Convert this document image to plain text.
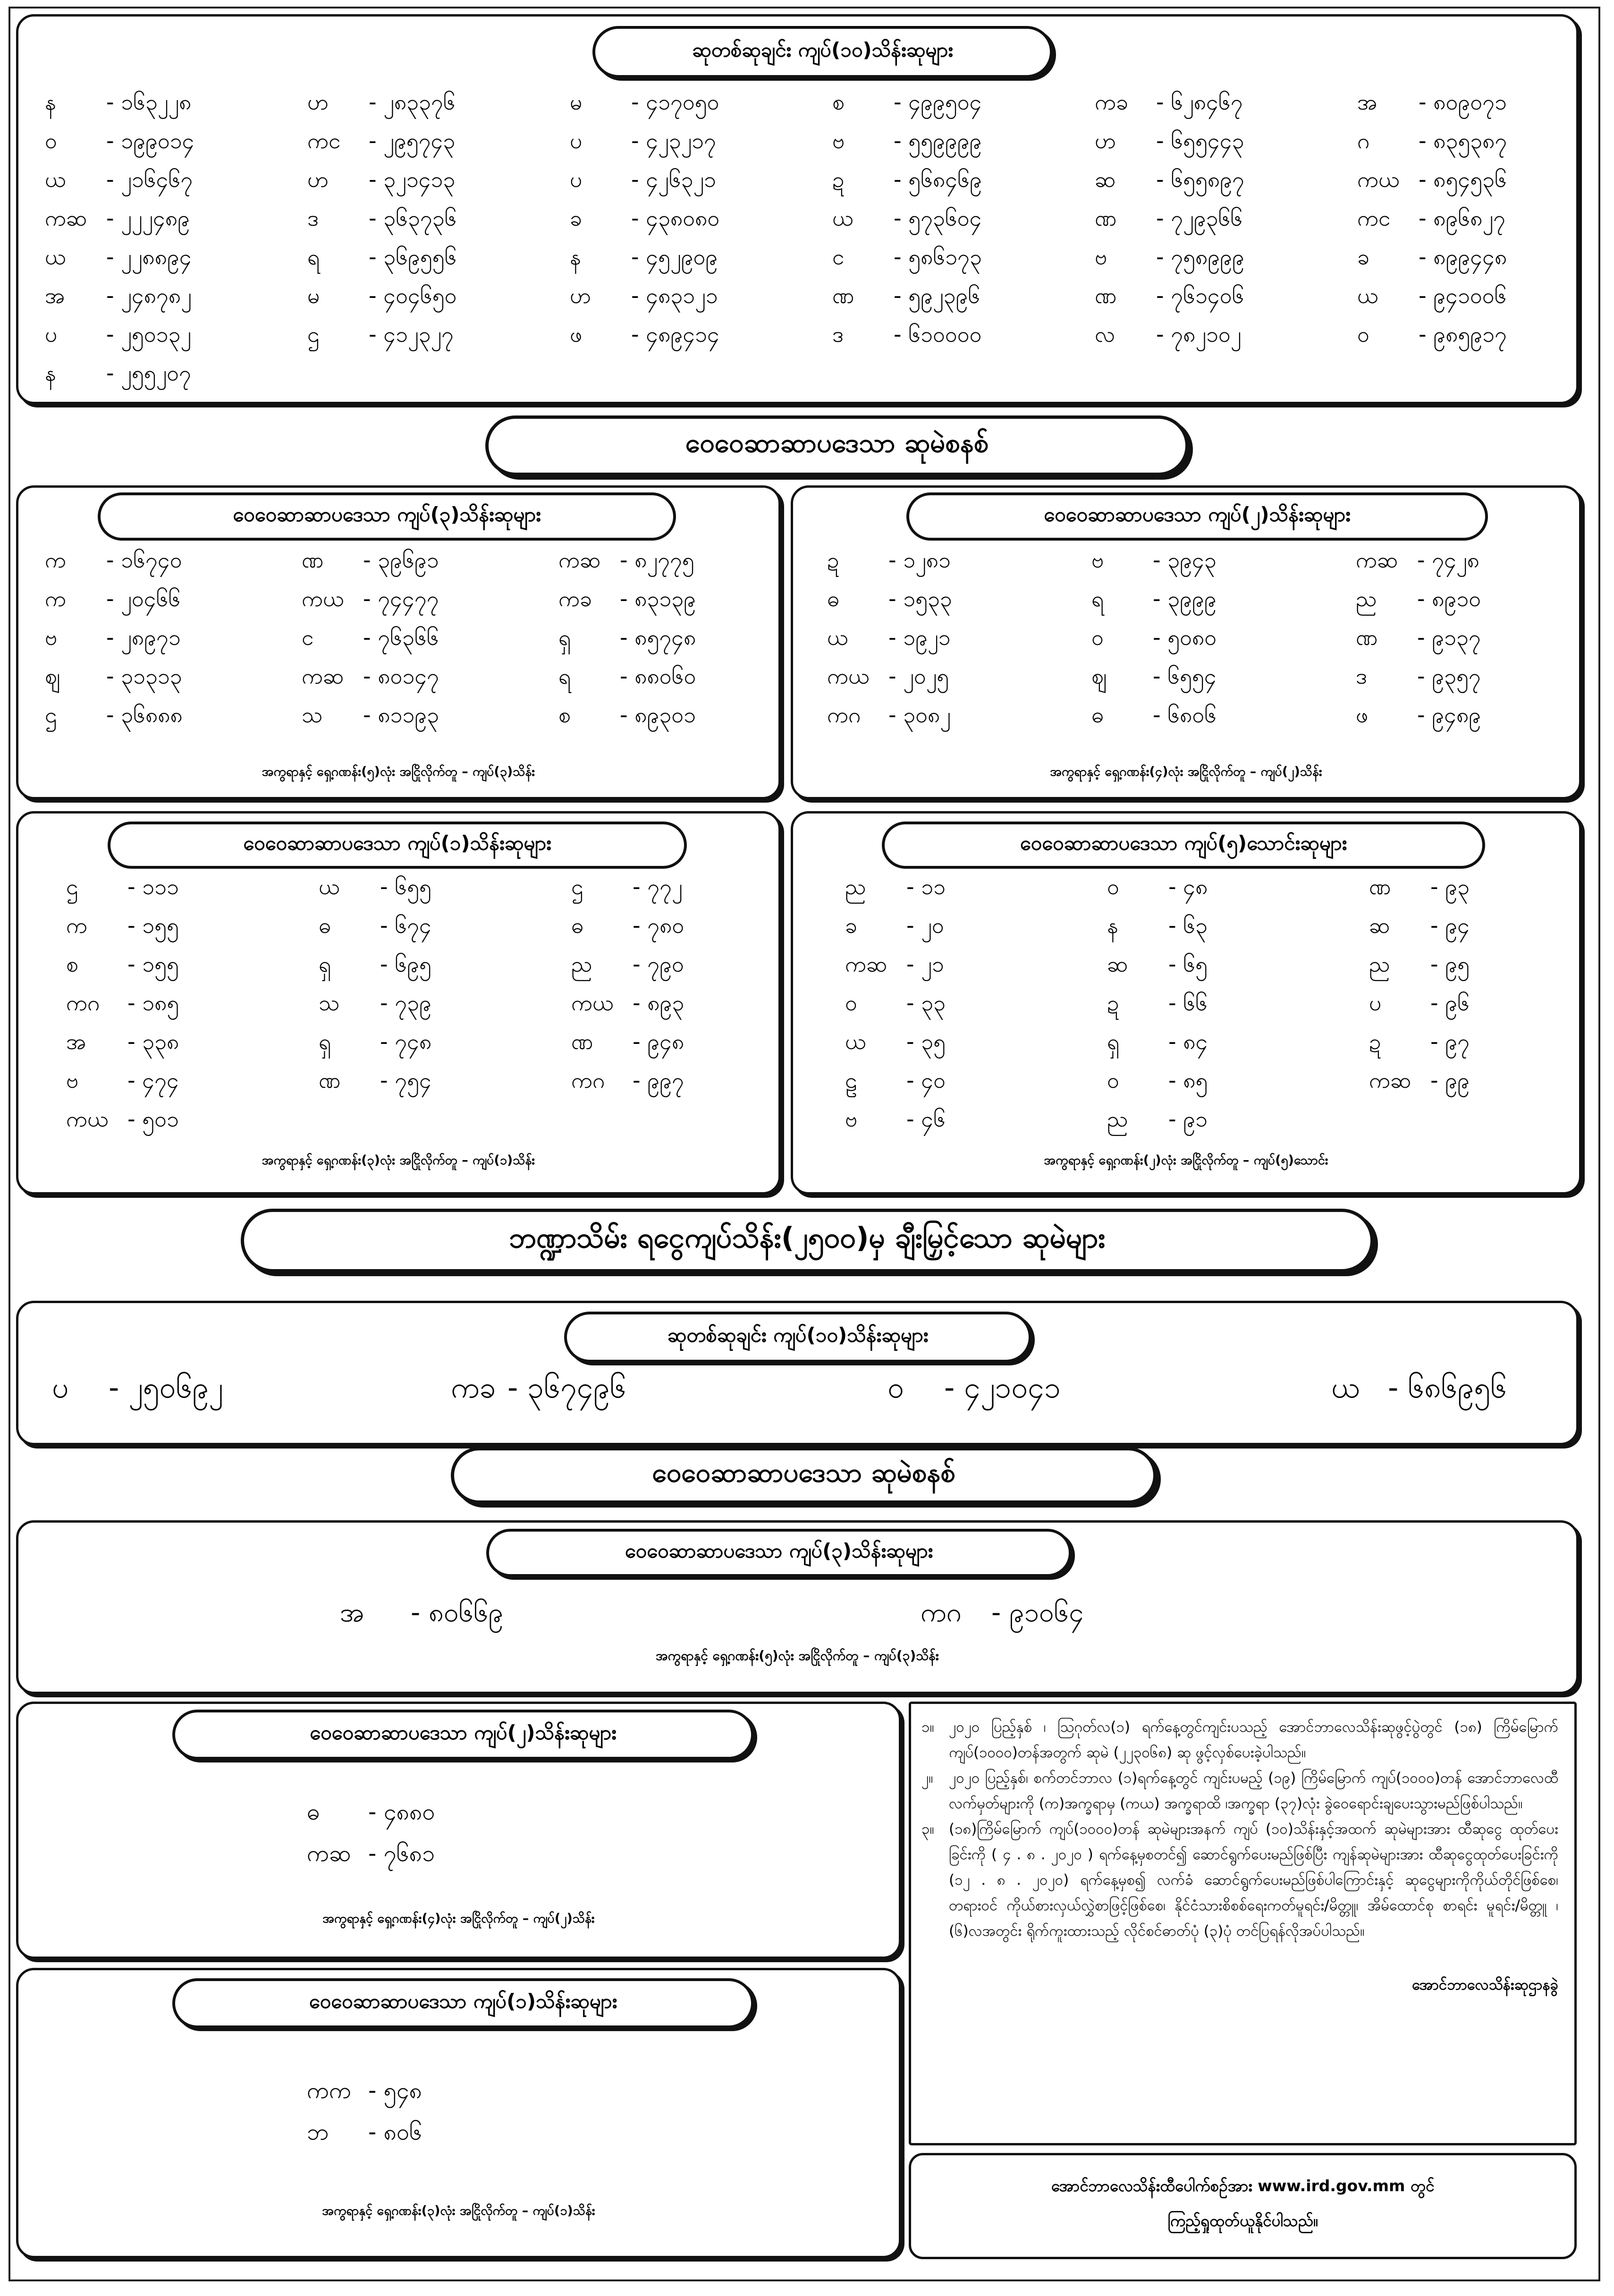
ဆုတစ်ဆုချင်း ကျပ်(၁၀)သိန်းဆုများ
န	- ၁၆၃၂၂၈	ဟ	- ၂၈၃၃၇၆	မ	- ၄၁၇၀၅၀	စ	- ၄၉၉၅၀၄	ကခ	- ၆၂၈၄၆၇	အ	- ၈၀၉၀၇၁
ဝ	- ၁၉၉၀၁၄	ကင	- ၂၉၅၇၄၃	ပ	- ၄၂၃၂၁၇	ဗ	- ၅၅၉၉၉၉	ဟ	- ၆၅၅၄၄၃	ဂ	- ၈၃၅၃၈၇
ယ	- ၂၁၆၄၆၇	ဟ	- ၃၂၁၄၁၃	ပ	- ၄၂၆၃၂၁	ဍ	- ၅၆၈၄၆၉	ဆ	- ၆၅၅၈၉၇	ကယ - ၈၅၄၅၃၆
ကဆ - ၂၂၂၄၈၉	ဒ	- ၃၆၃၇၃၆	ခ	- ၄၃၈၀၈၀	ယ	- ၅၇၃၆၀၄	ဏ	- ၇၂၉၃၆၆	ကင	- ၈၉၆၈၂၇
ယ	- ၂၂၈၈၉၄	ရ	- ၃၆၉၅၅၆	န	- ၄၅၂၉၀၉	င	- ၅၈၆၁၇၃	ဗ	- ၇၅၈၉၉၉	ခ	- ၈၉၉၄၄၈
အ	- ၂၄၈၇၈၂	မ	- ၄၀၄၆၅၀	ဟ	- ၄၈၃၁၂၁	ဏ	- ၅၉၂၃၉၆	ဏ	- ၇၆၁၄၀၆	ယ	- ၉၄၁၀၀၆
ပ	- ၂၅၀၁၃၂	ဌ	- ၄၁၂၃၂၇	ဖ	- ၄၈၉၄၁၄	ဒ	- ၆၁၀၀၀၀	လ	- ၇၈၂၁၀၂	ဝ	- ၉၈၅၉၁၇
န	- ၂၅၅၂၀၇
ဝေဝေဆာဆာပဒေသာ ဆုမဲစနစ်
ဝေဝေဆာဆာပဒေသာ ကျပ်(၃)သိန်းဆုများ
က	- ၁၆၇၄၀	ဏ	- ၃၉၆၉၁	ကဆ - ၈၂၇၇၅
က	- ၂၀၄၆၆	ကယ - ၇၄၄၇၇	ကခ	- ၈၃၁၃၉
ဗ	- ၂၈၉၇၁	င	- ၇၆၃၆၆	ရှ	- ၈၅၇၄၈
ဈ	- ၃၁၃၁၃	ကဆ - ၈၀၁၄၇	ရ	- ၈၈၀၆၀
ဌ	- ၃၆၈၈၈	သ	- ၈၁၁၉၃	စ	- ၈၉၃၀၁
အကွရာနှင့် ရှေ့ဂဏန်း(၅)လုံး အငြိုလိုက်တူ – ကျပ်(၃)သိန်း
ဝေဝေဆာဆာပဒေသာ ကျပ်(၂)သိန်းဆုများ
ဍ	- ၁၂၈၁	ဗ	- ၃၉၄၃	ကဆ - ၇၄၂၈
ဓ	- ၁၅၃၃	ရ	- ၃၉၉၉	ည	- ၈၉၁၀
ယ	- ၁၉၂၁	ဝ	- ၅၀၈၀	ဏ	- ၉၁၃၇
ကယ - ၂၀၂၅	ဈ	- ၆၅၅၄	ဒ	- ၉၃၅၇
ကဂ	- ၃၀၈၂	ဓ	- ၆၈၀၆	ဖ	- ၉၄၈၉
အကွရာနှင့် ရှေ့ဂဏန်း(၄)လုံး အငြိုလိုက်တူ – ကျပ်(၂)သိန်း
ဝေဝေဆာဆာပဒေသာ ကျပ်(၁)သိန်းဆုများ
ဌ	- ၁၁၁	ယ	- ၆၅၅	ဌ	- ၇၇၂
က	- ၁၅၅	ဓ	- ၆၇၄	ဓ	- ၇၈၀
စ	- ၁၅၅	ရှ	- ၆၉၅	ည	- ၇၉၀
ကဂ	- ၁၈၅	သ	- ၇၃၉	ကယ - ၈၉၃
အ	- ၃၃၈	ရှ	- ၇၄၈	ဏ	- ၉၄၈
ဗ	- ၄၇၄	ဏ	- ၇၅၄	ကဂ	- ၉၉၇
ကယ - ၅၀၁
အကွရာနှင့် ရှေ့ဂဏန်း(၃)လုံး အငြိုလိုက်တူ – ကျပ်(၁)သိန်း
ဝေဝေဆာဆာပဒေသာ ကျပ်(၅)သောင်းဆုများ
ည	- ၁၁	ဝ	- ၄၈	ဏ	- ၉၃
ခ	- ၂၀	န	- ၆၃	ဆ	- ၉၄
ကဆ - ၂၁	ဆ	- ၆၅	ည	- ၉၅
ဝ	- ၃၃	ဍ	- ၆၆	ပ	- ၉၆
ယ	- ၃၅	ရှ	- ၈၄	ဍ	- ၉၇
ဠ	- ၄၀	ဝ	- ၈၅	ကဆ - ၉၉
ဗ	- ၄၆	ည	- ၉၁
အကွရာနှင့် ရှေ့ဂဏန်း(၂)လုံး အငြိုလိုက်တူ – ကျပ်(၅)သောင်း
ဘဏ္ဍာသိမ်း ရငွေကျပ်သိန်း(၂၅၀၀)မှ ချီးမြှင့်သော ဆုမဲများ
ဆုတစ်ဆုချင်း ကျပ်(၁၀)သိန်းဆုများ
ပ	- ၂၅၀၆၉၂	ကခ - ၃၆၇၄၉၆	ဝ	- ၄၂၁၀၄၁	ယ - ၆၈၆၉၅၆
ဝေဝေဆာဆာပဒေသာ ဆုမဲစနစ်
ဝေဝေဆာဆာပဒေသာ ကျပ်(၃)သိန်းဆုများ
အ	- ၈၀၆၆၉	ကဂ	- ၉၁၀၆၄
အကွရာနှင့် ရှေ့ဂဏန်း(၅)လုံး အငြိုလိုက်တူ – ကျပ်(၃)သိန်း
ဝေဝေဆာဆာပဒေသာ ကျပ်(၂)သိန်းဆုများ
ဓ	- ၄၈၈၀
ကဆ - ၇၆၈၁
အကွရာနှင့် ရှေ့ဂဏန်း(၄)လုံး အငြိုလိုက်တူ – ကျပ်(၂)သိန်း
ဝေဝေဆာဆာပဒေသာ ကျပ်(၁)သိန်းဆုများ
ကက - ၅၄၈
ဘ	- ၈၀၆
အကွရာနှင့် ရှေ့ဂဏန်း(၃)လုံး အငြိုလိုက်တူ – ကျပ်(၁)သိန်း
၁။	၂၀၂၀ ပြည့်နှစ် ၊ ဩဂုတ်လ(၁) ရက်နေ့တွင်ကျင်းပသည့် အောင်ဘာလေသိန်းဆုဖွင့်ပွဲတွင် (၁၈) ကြိမ်မြောက်ကျပ်(၁၀၀၀)တန်အတွက် ဆုမဲ (၂၂၃၀၆၈) ဆု ဖွင့်လှစ်ပေးခဲ့ပါသည်။
၂။	၂၀၂၀ ပြည့်နှစ်၊ စက်တင်ဘာလ (၁)ရက်နေ့တွင် ကျင်းပမည့် (၁၉) ကြိမ်မြောက် ကျပ်(၁၀၀၀)တန် အောင်ဘာလေထီ လက်မှတ်များကို (က)အက္ခရာမှ (ကယ) အက္ခရာထိ ၊အက္ခရာ (၃၇)လုံး ခွဲဝေရောင်းချပေးသွားမည်ဖြစ်ပါသည်။
၃။	(၁၈)ကြိမ်မြောက် ကျပ်(၁၀၀၀)တန် ဆုမဲများအနက် ကျပ် (၁၀)သိန်းနှင့်အထက် ဆုမဲများအား ထီဆုငွေ ထုတ်ပေးခြင်းကို ( ၄ . ၈ . ၂၀၂၀ ) ရက်နေ့မှစတင်၍ ဆောင်ရွက်ပေးမည်ဖြစ်ပြီး ကျန်ဆုမဲများအား ထီဆုငွေထုတ်ပေးခြင်းကို (၁၂ . ၈ . ၂၀၂၀) ရက်နေ့မှစ၍ လက်ခံ ဆောင်ရွက်ပေးမည်ဖြစ်ပါကြောင်းနှင့် ဆုငွေများကိုကိုယ်တိုင်ဖြစ်စေ၊ တရားဝင် ကိုယ်စားလှယ်လွှဲစာဖြင့်ဖြစ်စေ၊ နိုင်ငံသားစိစစ်ရေးကတ်မူရင်း/မိတ္တူ၊ အိမ်ထောင်စု စာရင်း မူရင်း/မိတ္တူ ၊ (၆)လအတွင်း ရိုက်ကူးထားသည့် လိုင်စင်ဓာတ်ပုံ (၃)ပုံ တင်ပြရန်လိုအပ်ပါသည်။
အောင်ဘာလေသိန်းဆုဌာနခွဲ
အောင်ဘာလေသိန်းထီပေါက်စဉ်အား www.ird.gov.mm တွင်
ကြည့်ရှုထုတ်ယူနိုင်ပါသည်။
